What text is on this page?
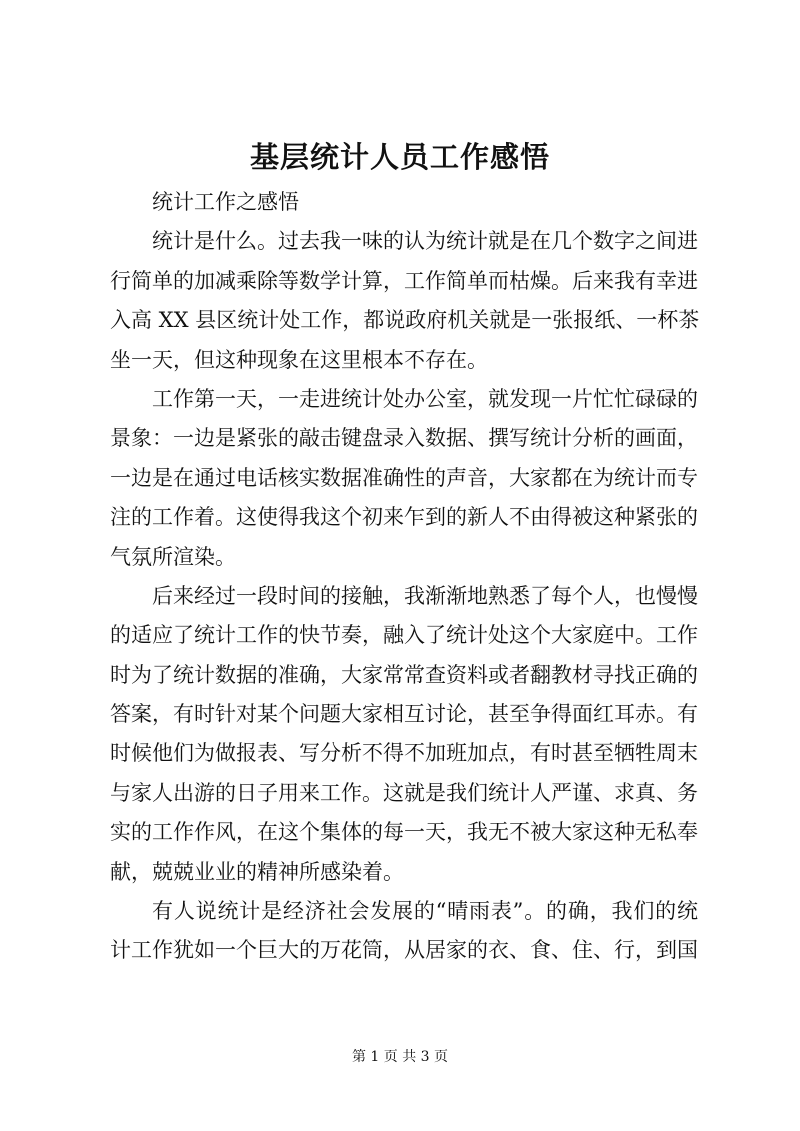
基层统计人员工作感悟
统计工作之感悟
统计是什么。过去我一味的认为统计就是在几个数字之间进
行简单的加减乘除等数学计算，工作简单而枯燥。后来我有幸进
入高 XX 县区统计处工作，都说政府机关就是一张报纸、一杯茶
坐一天，但这种现象在这里根本不存在。
工作第一天，一走进统计处办公室，就发现一片忙忙碌碌的
景象：一边是紧张的敲击键盘录入数据、撰写统计分析的画面，
一边是在通过电话核实数据准确性的声音，大家都在为统计而专
注的工作着。这使得我这个初来乍到的新人不由得被这种紧张的
气氛所渲染。
后来经过一段时间的接触，我渐渐地熟悉了每个人，也慢慢
的适应了统计工作的快节奏，融入了统计处这个大家庭中。工作
时为了统计数据的准确，大家常常查资料或者翻教材寻找正确的
答案，有时针对某个问题大家相互讨论，甚至争得面红耳赤。有
时候他们为做报表、写分析不得不加班加点，有时甚至牺牲周末
与家人出游的日子用来工作。这就是我们统计人严谨、求真、务
实的工作作风，在这个集体的每一天，我无不被大家这种无私奉
献，兢兢业业的精神所感染着。
有人说统计是经济社会发展的“晴雨表”。的确，我们的统
计工作犹如一个巨大的万花筒，从居家的衣、食、住、行，到国
第 1 页 共 3 页
